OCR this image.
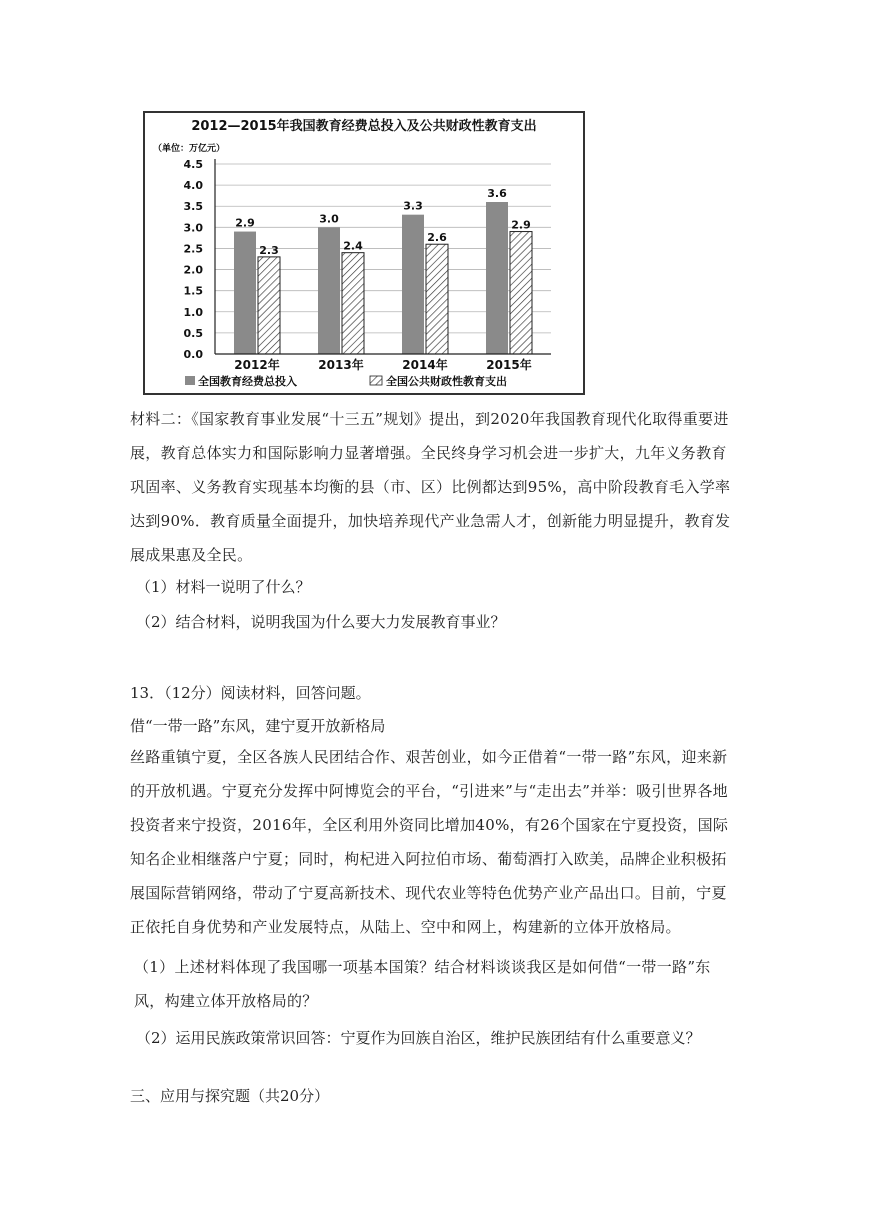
2012—2015年我国教育经费总投入及公共财政性教育支出
（单位：万亿元）
2.9
2.3
3.0
2.4
3.3
2.6
3.6
2.9
0.0
0.5
1.0
1.5
2.0
2.5
3.0
3.5
4.0
4.5
2012年	2013年	2014年	2015年
全国教育经费总投入	全国公共财政性教育支出

材料二：《国家教育事业发展“十三五”规划》提出，到2020年我国教育现代化取得重要进展，教育总体实力和国际影响力显著增强。全民终身学习机会进一步扩大，九年义务教育巩固率、义务教育实现基本均衡的县（市、区）比例都达到95%，高中阶段教育毛入学率达到90%．教育质量全面提升，加快培养现代产业急需人才，创新能力明显提升，教育发展成果惠及全民。

（1）材料一说明了什么？
（2）结合材料，说明我国为什么要大力发展教育事业？
13．（12分）阅读材料，回答问题。
借“一带一路”东风，建宁夏开放新格局

丝路重镇宁夏，全区各族人民团结合作、艰苦创业，如今正借着“一带一路”东风，迎来新的开放机遇。宁夏充分发挥中阿博览会的平台，“引进来”与“走出去”并举：吸引世界各地投资者来宁投资，2016年，全区利用外资同比增加40%，有26个国家在宁夏投资，国际知名企业相继落户宁夏；同时，枸杞进入阿拉伯市场、葡萄酒打入欧美，品牌企业积极拓展国际营销网络，带动了宁夏高新技术、现代农业等特色优势产业产品出口。目前，宁夏正依托自身优势和产业发展特点，从陆上、空中和网上，构建新的立体开放格局。

（1）上述材料体现了我国哪一项基本国策？结合材料谈谈我区是如何借“一带一路”东风，构建立体开放格局的？

（2）运用民族政策常识回答：宁夏作为回族自治区，维护民族团结有什么重要意义？
三、应用与探究题（共20分）
